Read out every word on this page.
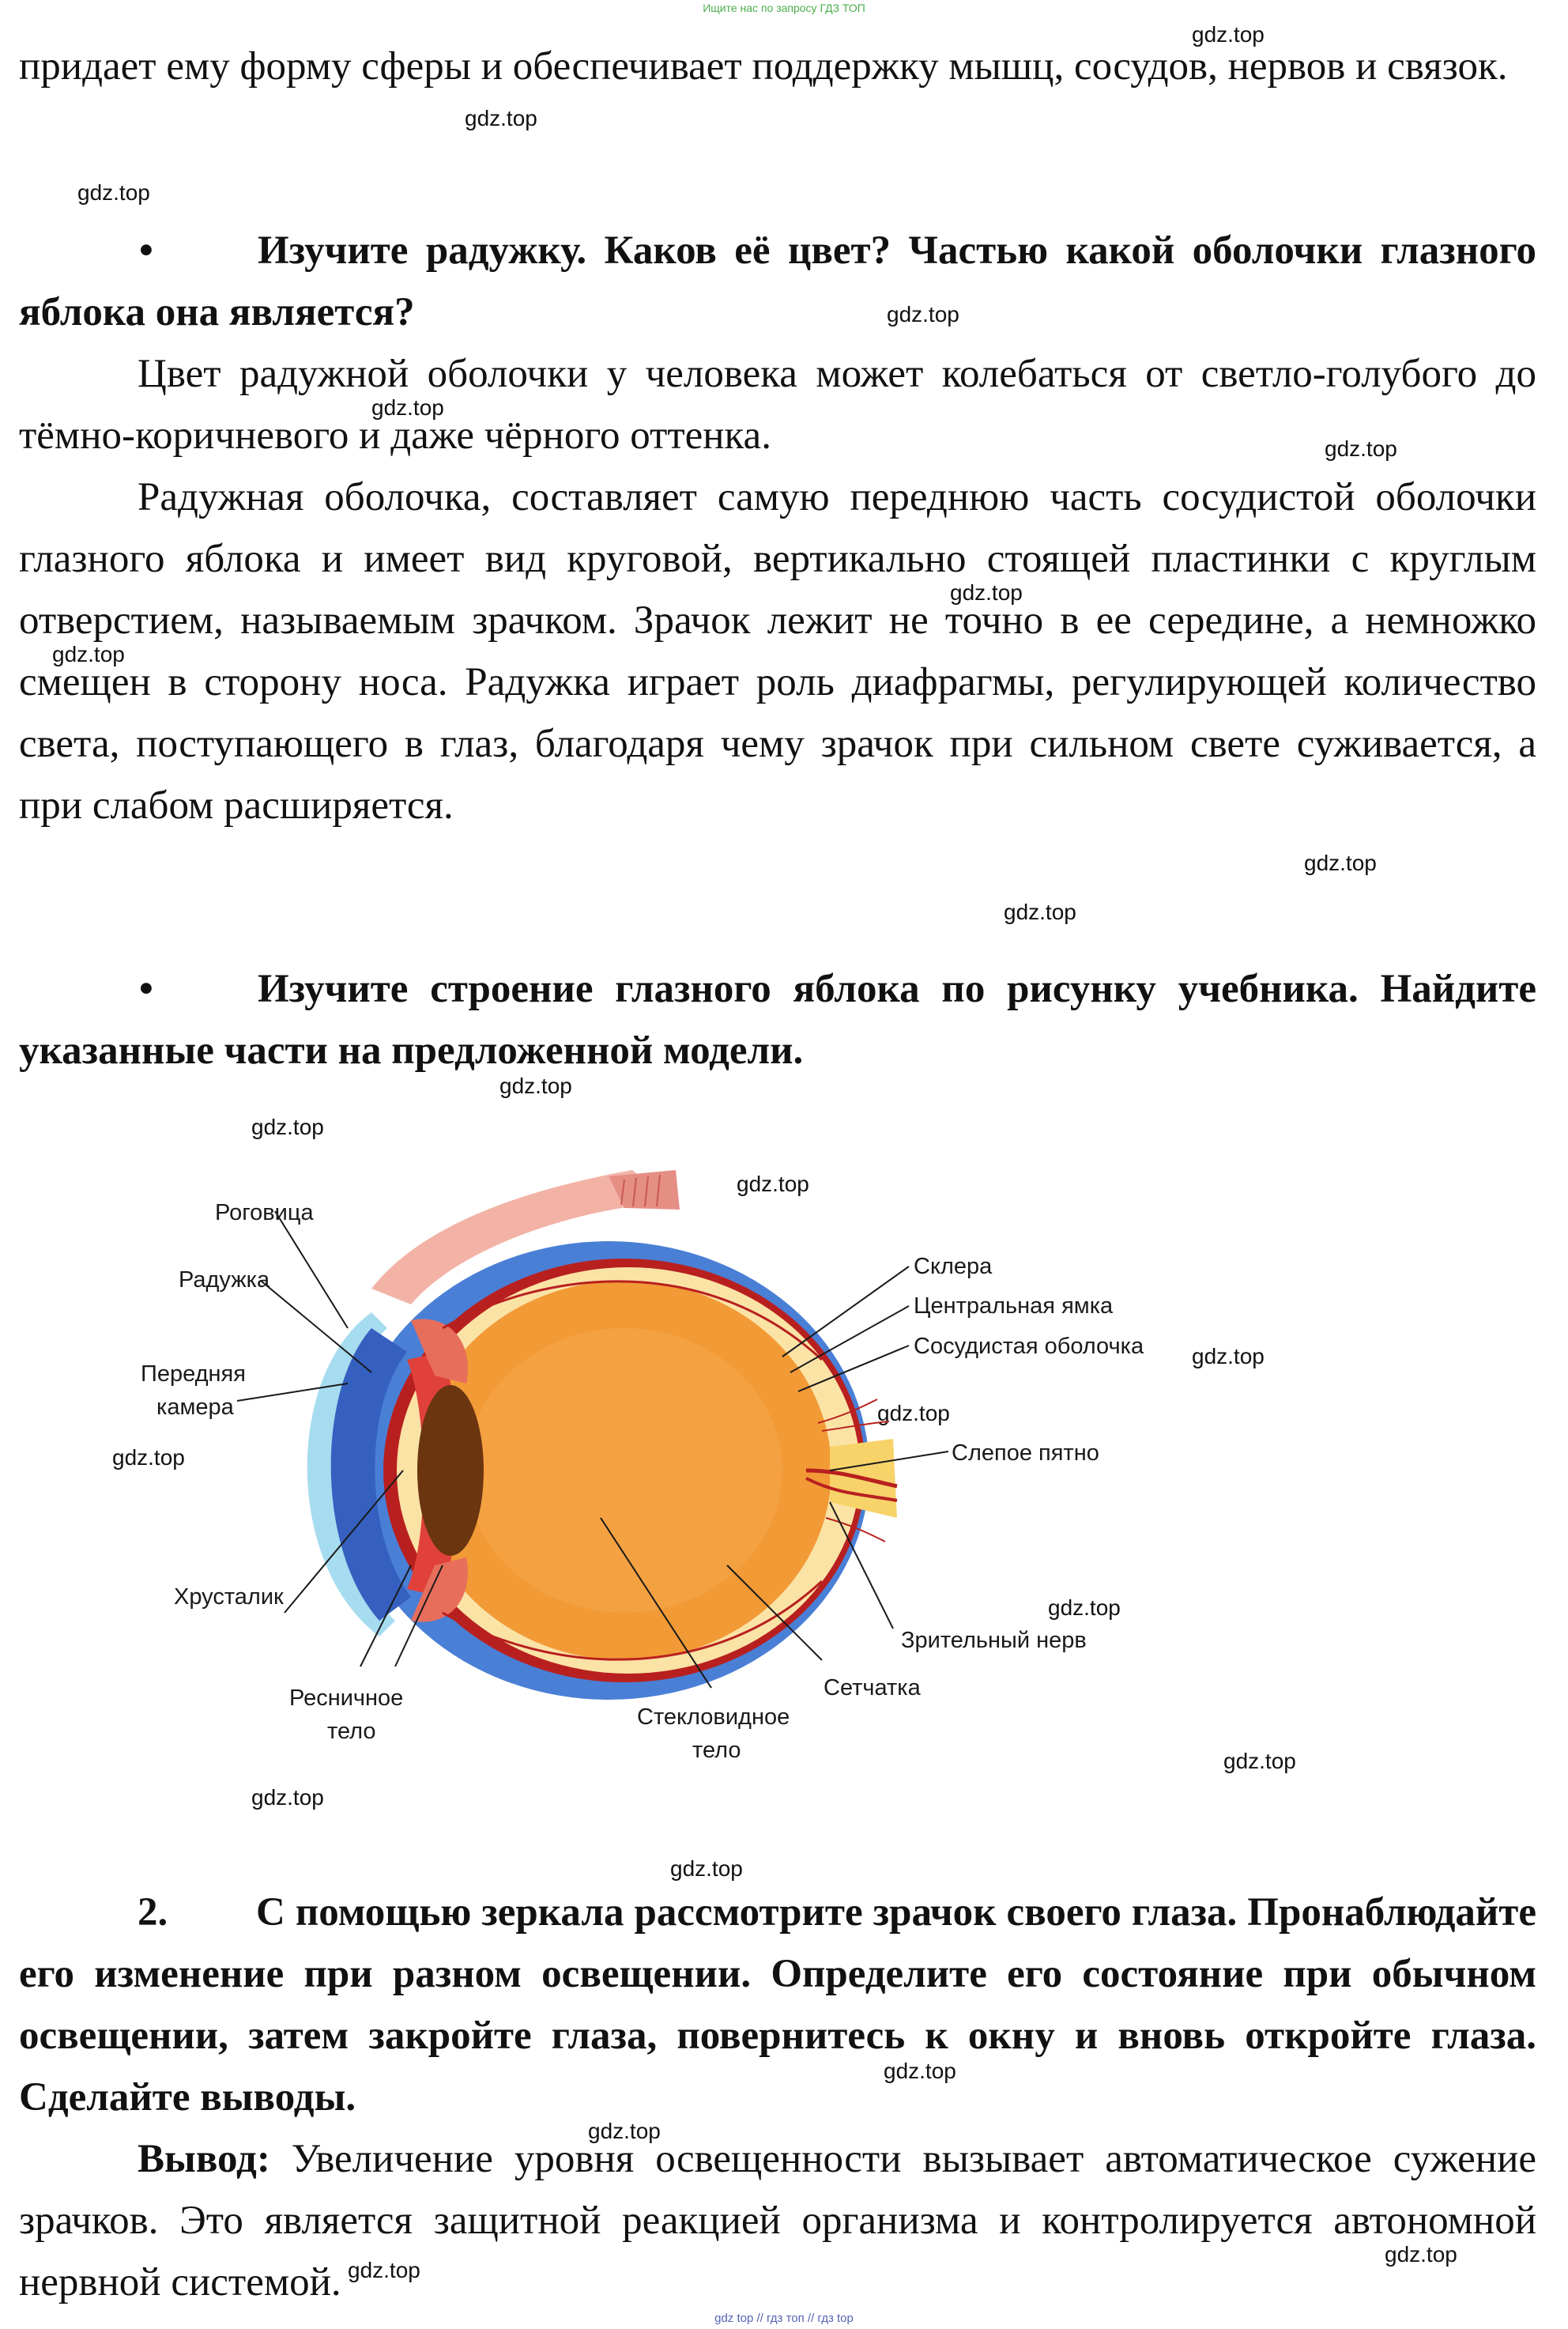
Ищите нас по запросу ГДЗ ТОП
gdz.top
gdz.top
gdz.top
gdz.top
gdz.top
gdz.top
gdz.top
gdz.top
gdz.top
gdz.top
gdz.top
gdz.top
gdz.top
gdz.top
gdz.top
gdz.top
gdz.top
gdz.top
gdz.top
gdz.top
gdz.top
gdz.top
gdz.top
gdz.top
придает ему форму сферы и обеспечивает поддержку мышц, сосудов, нервов и связок.
•	Изучите радужку. Каков её цвет? Частью какой оболочки глазного яблока она является?
Цвет радужной оболочки у человека может колебаться от светло-голубого до тёмно-коричневого и даже чёрного оттенка.
Радужная оболочка, составляет самую переднюю часть сосудистой оболочки глазного яблока и имеет вид круговой, вертикально стоящей пластинки с круглым отверстием, называемым зрачком. Зрачок лежит не точно в ее середине, а немножко смещен в сторону носа. Радужка играет роль диафрагмы, регулирующей количество света, поступающего в глаз, благодаря чему зрачок при сильном свете суживается, а при слабом расширяется.
•	Изучите строение глазного яблока по рисунку учебника. Найдите указанные части на предложенной модели.
Роговица
Радужка
Передняя
камера
Хрусталик
Ресничное
тело
Стекловидное
тело
Сетчатка
Зрительный нерв
Слепое пятно
Сосудистая оболочка
Центральная ямка
Склера
2. С помощью зеркала рассмотрите зрачок своего глаза. Пронаблюдайте его изменение при разном освещении. Определите его состояние при обычном освещении, затем закройте глаза, повернитесь к окну и вновь откройте глаза. Сделайте выводы.
Вывод: Увеличение уровня освещенности вызывает автоматическое сужение зрачков. Это является защитной реакцией организма и контролируется автономной нервной системой.
gdz top // гдз топ // гдз top
